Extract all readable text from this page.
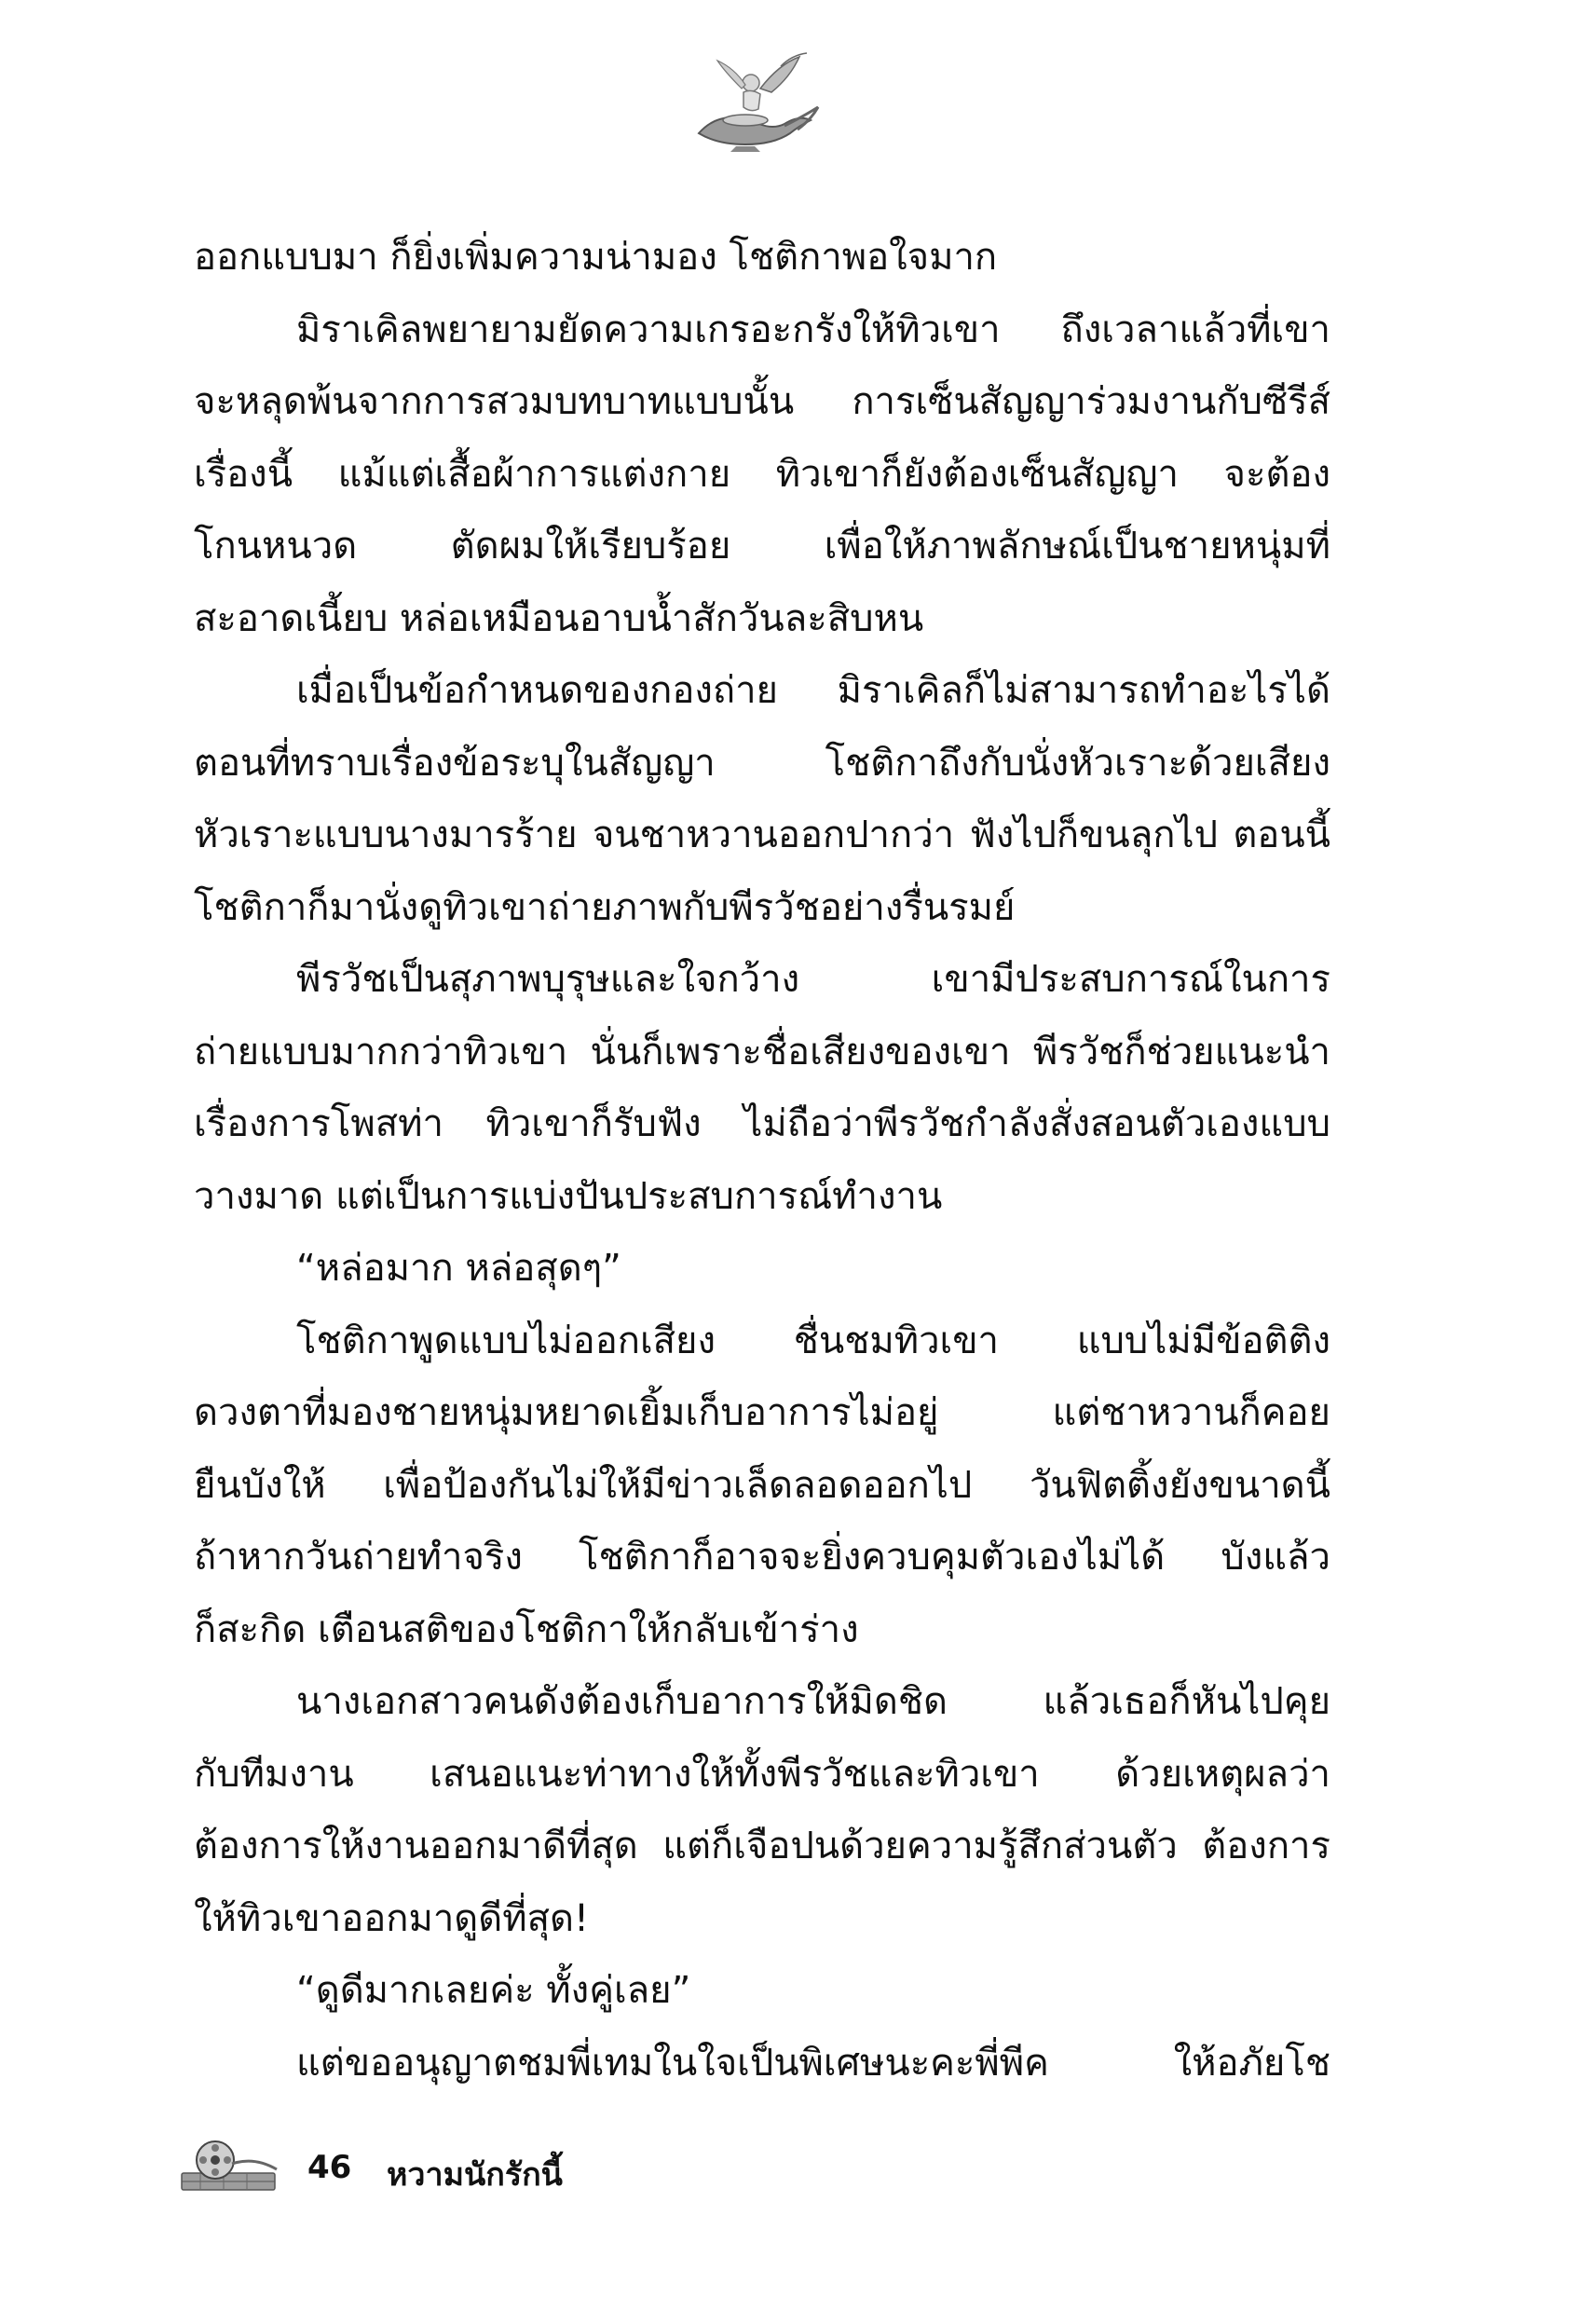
ออกแบบมา ก็ยิ่งเพิ่มความน่ามอง โชติกาพอใจมาก
มิราเคิลพยายามยัดความเกรอะกรังให้ทิวเขา ถึงเวลาแล้วที่เขา
จะหลุดพ้นจากการสวมบทบาทแบบนั้น การเซ็นสัญญาร่วมงานกับซีรีส์
เรื่องนี้ แม้แต่เสื้อผ้าการแต่งกาย ทิวเขาก็ยังต้องเซ็นสัญญา จะต้อง
โกนหนวด ตัดผมให้เรียบร้อย เพื่อให้ภาพลักษณ์เป็นชายหนุ่มที่
สะอาดเนี้ยบ หล่อเหมือนอาบน้ำสักวันละสิบหน
เมื่อเป็นข้อกำหนดของกองถ่าย มิราเคิลก็ไม่สามารถทำอะไรได้
ตอนที่ทราบเรื่องข้อระบุในสัญญา โชติกาถึงกับนั่งหัวเราะด้วยเสียง
หัวเราะแบบนางมารร้าย จนชาหวานออกปากว่า ฟังไปก็ขนลุกไป ตอนนี้
โชติกาก็มานั่งดูทิวเขาถ่ายภาพกับพีรวัชอย่างรื่นรมย์
พีรวัชเป็นสุภาพบุรุษและใจกว้าง เขามีประสบการณ์ในการ
ถ่ายแบบมากกว่าทิวเขา นั่นก็เพราะชื่อเสียงของเขา พีรวัชก็ช่วยแนะนำ
เรื่องการโพสท่า ทิวเขาก็รับฟัง ไม่ถือว่าพีรวัชกำลังสั่งสอนตัวเองแบบ
วางมาด แต่เป็นการแบ่งปันประสบการณ์ทำงาน
“หล่อมาก หล่อสุดๆ”
โชติกาพูดแบบไม่ออกเสียง ชื่นชมทิวเขา แบบไม่มีข้อติติง
ดวงตาที่มองชายหนุ่มหยาดเยิ้มเก็บอาการไม่อยู่ แต่ชาหวานก็คอย
ยืนบังให้ เพื่อป้องกันไม่ให้มีข่าวเล็ดลอดออกไป วันฟิตติ้งยังขนาดนี้
ถ้าหากวันถ่ายทำจริง โชติกาก็อาจจะยิ่งควบคุมตัวเองไม่ได้ บังแล้ว
ก็สะกิด เตือนสติของโชติกาให้กลับเข้าร่าง
นางเอกสาวคนดังต้องเก็บอาการให้มิดชิด แล้วเธอก็หันไปคุย
กับทีมงาน เสนอแนะท่าทางให้ทั้งพีรวัชและทิวเขา ด้วยเหตุผลว่า
ต้องการให้งานออกมาดีที่สุด แต่ก็เจือปนด้วยความรู้สึกส่วนตัว ต้องการ
ให้ทิวเขาออกมาดูดีที่สุด!
“ดูดีมากเลยค่ะ ทั้งคู่เลย”
แต่ขออนุญาตชมพี่เทมในใจเป็นพิเศษนะคะพี่พีค ให้อภัยโช
46 หวามนักรักนี้
